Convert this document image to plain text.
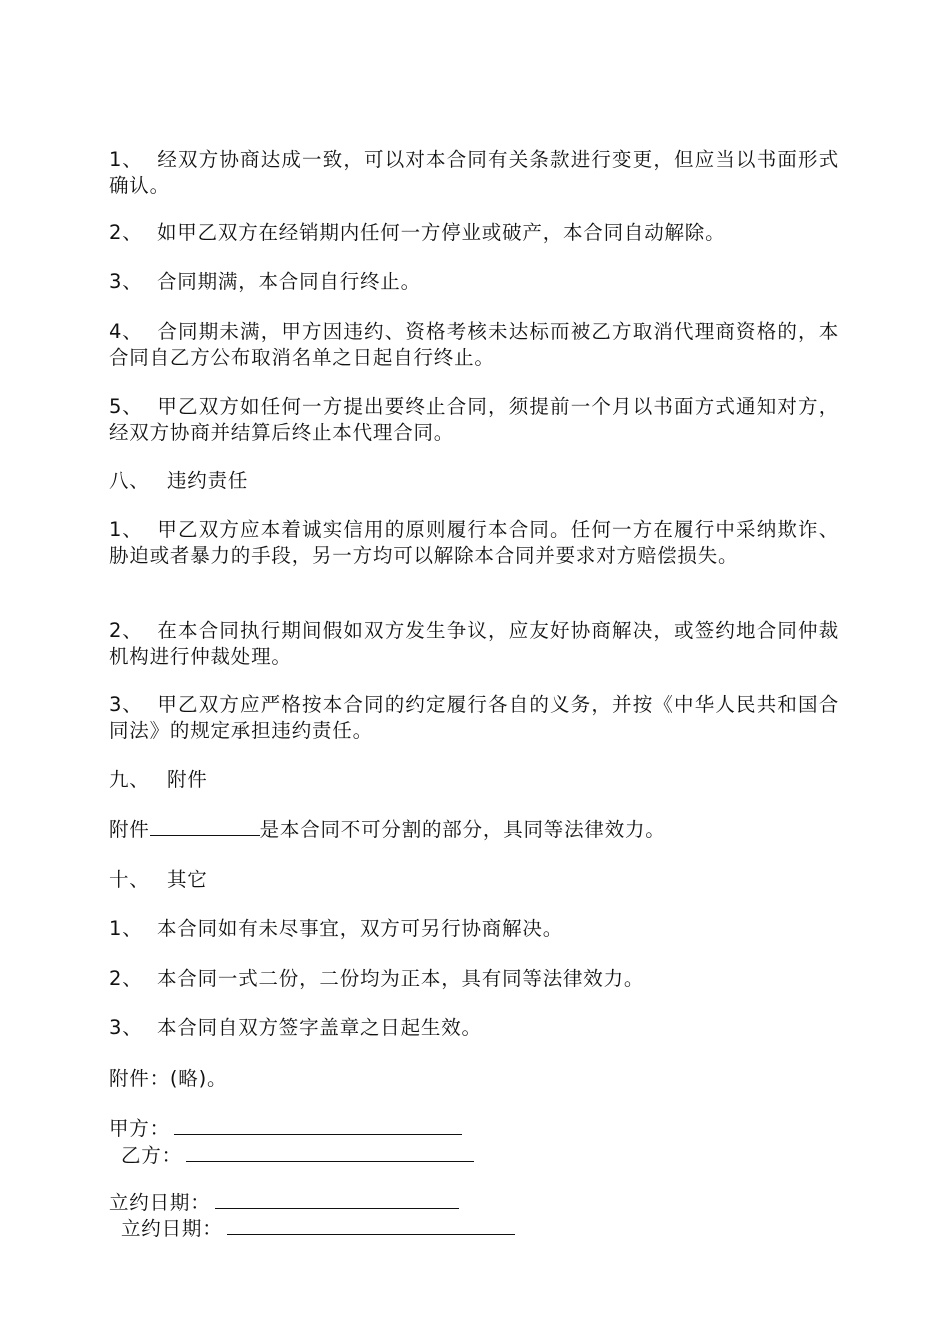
1、 经双方协商达成一致，可以对本合同有关条款进行变更，但应当以书面形式确认。

2、 如甲乙双方在经销期内任何一方停业或破产，本合同自动解除。

3、 合同期满，本合同自行终止。

4、 合同期未满，甲方因违约、资格考核未达标而被乙方取消代理商资格的，本合同自乙方公布取消名单之日起自行终止。

5、 甲乙双方如任何一方提出要终止合同，须提前一个月以书面方式通知对方，经双方协商并结算后终止本代理合同。

八、 违约责任

1、 甲乙双方应本着诚实信用的原则履行本合同。任何一方在履行中采纳欺诈、胁迫或者暴力的手段，另一方均可以解除本合同并要求对方赔偿损失。

2、 在本合同执行期间假如双方发生争议，应友好协商解决，或签约地合同仲裁机构进行仲裁处理。

3、 甲乙双方应严格按本合同的约定履行各自的义务，并按《中华人民共和国合同法》的规定承担违约责任。

九、 附件

附件	是本合同不可分割的部分，具同等法律效力。

十、 其它

1、 本合同如有未尽事宜，双方可另行协商解决。

2、 本合同一式二份，二份均为正本，具有同等法律效力。

3、 本合同自双方签字盖章之日起生效。

附件：(略)。

甲方：
乙方：
立约日期：
立约日期：
